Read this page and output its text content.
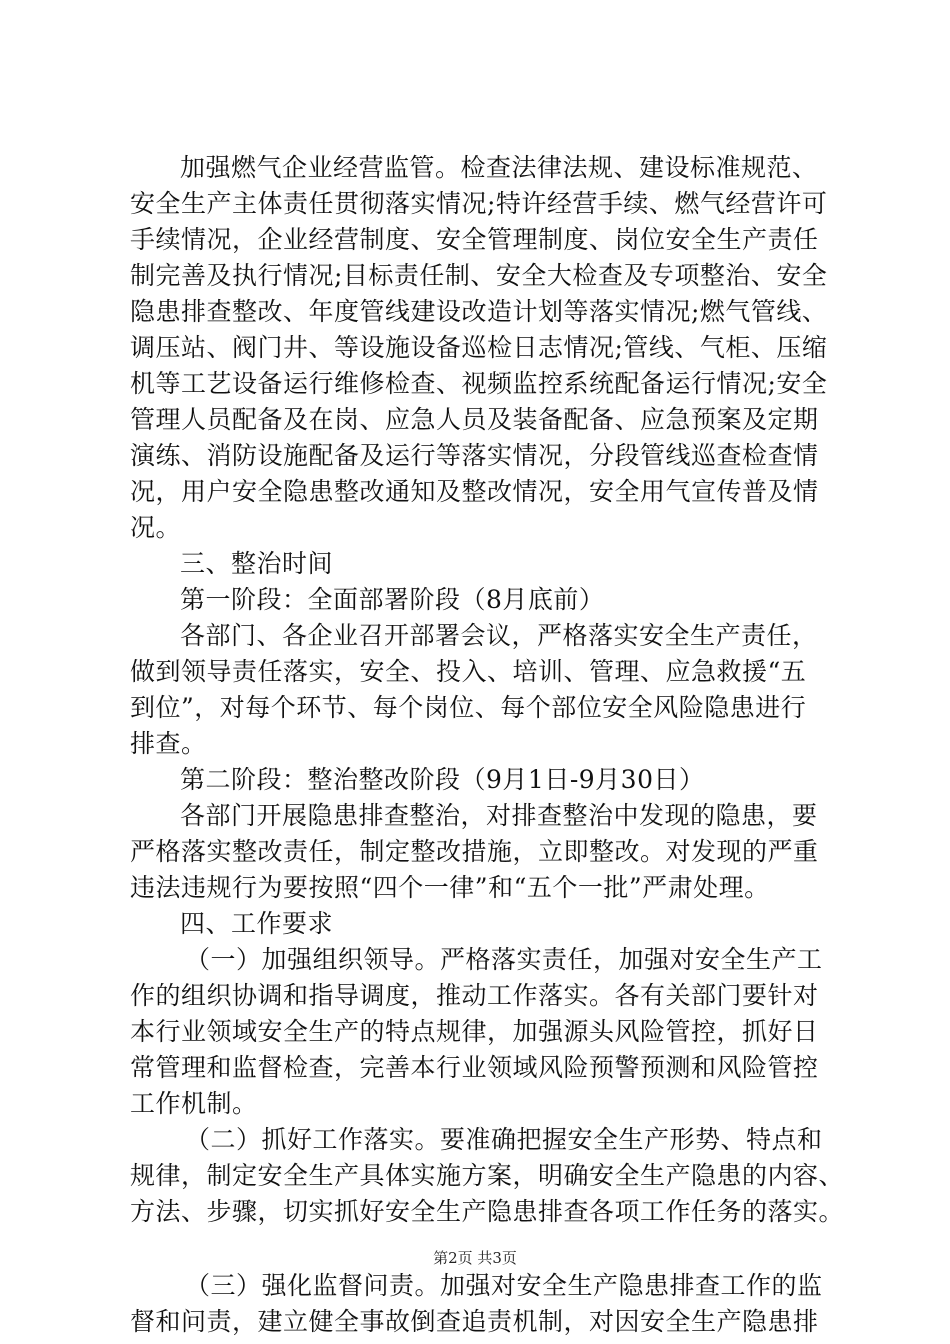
加强燃气企业经营监管。检查法律法规、建设标准规范、
安全生产主体责任贯彻落实情况;特许经营手续、燃气经营许可
手续情况，企业经营制度、安全管理制度、岗位安全生产责任
制完善及执行情况;目标责任制、安全大检查及专项整治、安全
隐患排查整改、年度管线建设改造计划等落实情况;燃气管线、
调压站、阀门井、等设施设备巡检日志情况;管线、气柜、压缩
机等工艺设备运行维修检查、视频监控系统配备运行情况;安全
管理人员配备及在岗、应急人员及装备配备、应急预案及定期
演练、消防设施配备及运行等落实情况，分段管线巡查检查情
况，用户安全隐患整改通知及整改情况，安全用气宣传普及情
况。
三、整治时间
第一阶段：全面部署阶段（8月底前）
各部门、各企业召开部署会议，严格落实安全生产责任，
做到领导责任落实，安全、投入、培训、管理、应急救援“五
到位”，对每个环节、每个岗位、每个部位安全风险隐患进行
排查。
第二阶段：整治整改阶段（9月1日-9月30日）
各部门开展隐患排查整治，对排查整治中发现的隐患，要
严格落实整改责任，制定整改措施，立即整改。对发现的严重
违法违规行为要按照“四个一律”和“五个一批”严肃处理。
四、工作要求
（一）加强组织领导。严格落实责任，加强对安全生产工
作的组织协调和指导调度，推动工作落实。各有关部门要针对
本行业领域安全生产的特点规律，加强源头风险管控，抓好日
常管理和监督检查，完善本行业领域风险预警预测和风险管控
工作机制。
（二）抓好工作落实。要准确把握安全生产形势、特点和
规律，制定安全生产具体实施方案，明确安全生产隐患的内容、
方法、步骤，切实抓好安全生产隐患排查各项工作任务的落实。
（三）强化监督问责。加强对安全生产隐患排查工作的监
督和问责，建立健全事故倒查追责机制，对因安全生产隐患排
第2页 共3页
